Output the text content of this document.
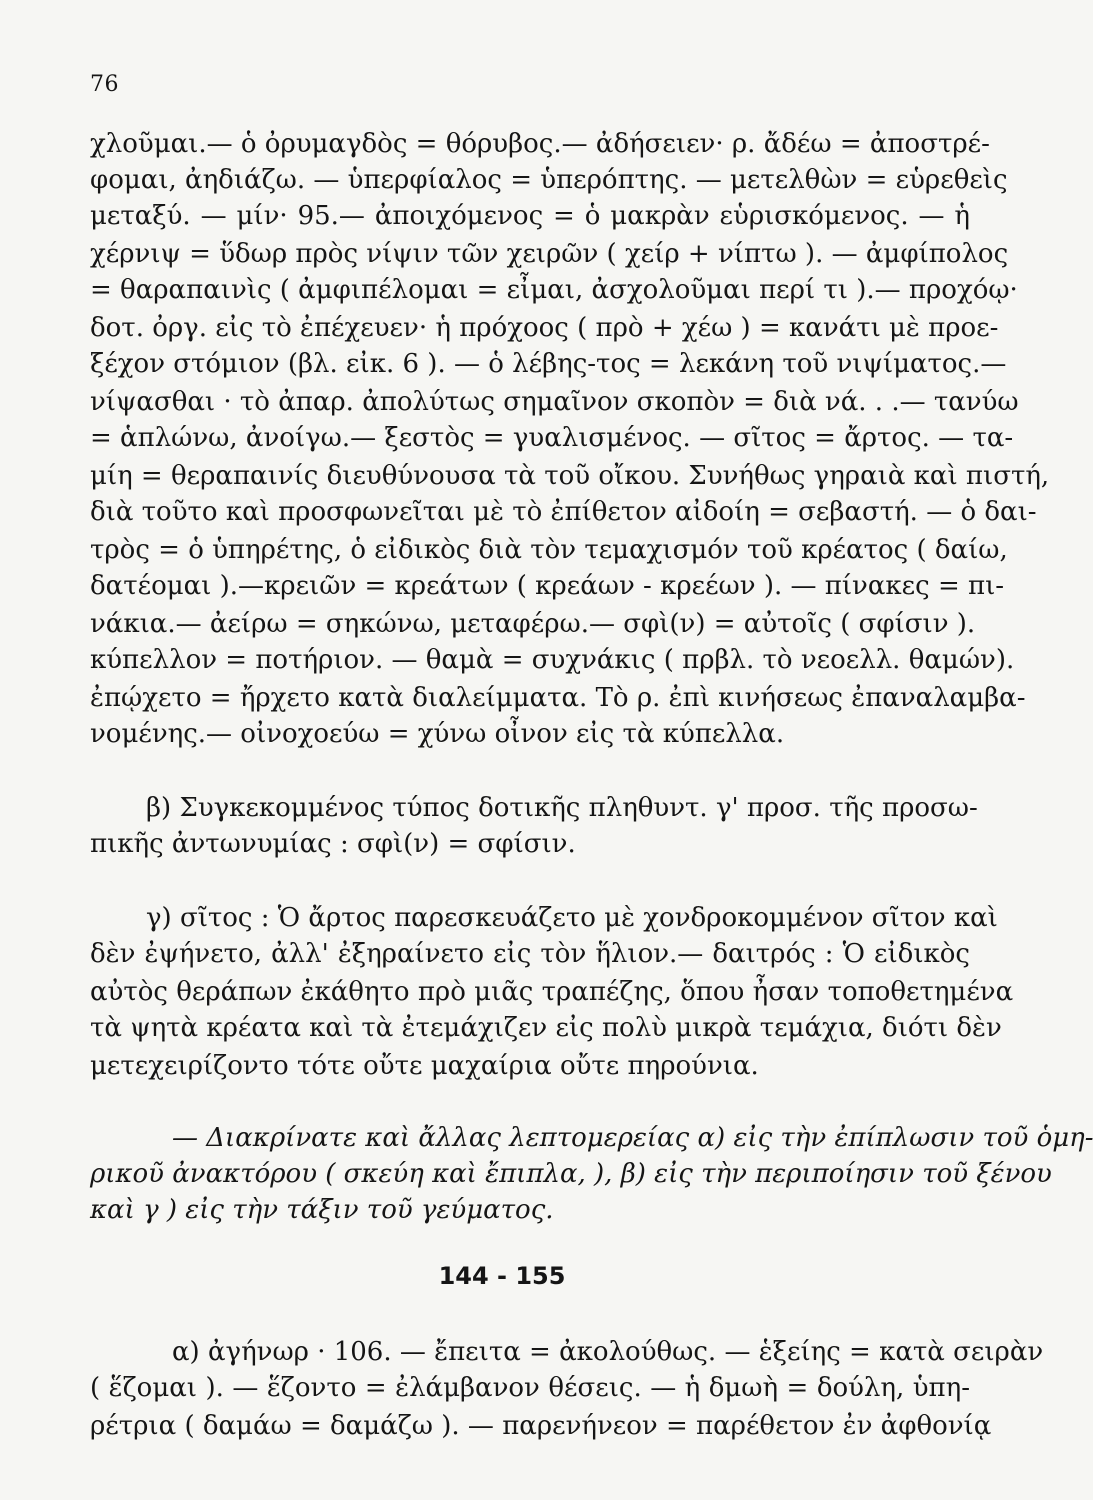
76
χλοῦμαι.— ὁ ὀρυμαγδὸς = θόρυβος.— ἀδήσειεν· ρ. ἄδέω = ἀποστρέ-
φομαι, ἀηδιάζω. — ὑπερφίαλος = ὑπερόπτης. — μετελθὼν = εὑρεθεὶς
μεταξύ. — μίν· 95.— ἀποιχόμενος = ὁ μακρὰν εὑρισκόμενος. — ἡ
χέρνιψ = ὕδωρ πρὸς νίψιν τῶν χειρῶν ( χείρ + νίπτω ). — ἀμφίπολος
= θαραπαινὶς ( ἀμφιπέλομαι = εἶμαι, ἀσχολοῦμαι περί τι ).— προχόῳ·
δοτ. ὀργ. εἰς τὸ ἐπέχευεν· ἡ πρόχοος ( πρὸ + χέω ) = κανάτι μὲ προε-
ξέχον στόμιον (βλ. εἰκ. 6 ). — ὁ λέβης-τος = λεκάνη τοῦ νιψίματος.—
νίψασθαι · τὸ ἀπαρ. ἀπολύτως σημαῖνον σκοπὸν = διὰ νά. . .— τανύω
= ἁπλώνω, ἀνοίγω.— ξεστὸς = γυαλισμένος. — σῖτος = ἄρτος. — τα-
μίη = θεραπαινίς διευθύνουσα τὰ τοῦ οἴκου. Συνήθως γηραιὰ καὶ πιστή,
διὰ τοῦτο καὶ προσφωνεῖται μὲ τὸ ἐπίθετον αἰδοίη = σεβαστή. — ὁ δαι-
τρὸς = ὁ ὑπηρέτης, ὁ εἰδικὸς διὰ τὸν τεμαχισμόν τοῦ κρέατος ( δαίω,
δατέομαι ).—κρειῶν = κρεάτων ( κρεάων - κρεέων ). — πίνακες = πι-
νάκια.— ἀείρω = σηκώνω, μεταφέρω.— σφὶ(ν) = αὐτοῖς ( σφίσιν ).
κύπελλον = ποτήριον. — θαμὰ = συχνάκις ( πρβλ. τὸ νεοελλ. θαμών).
ἐπῴχετο = ἤρχετο κατὰ διαλείμματα. Τὸ ρ. ἐπὶ κινήσεως ἐπαναλαμβα-
νομένης.— οἰνοχοεύω = χύνω οἶνον εἰς τὰ κύπελλα.
β) Συγκεκομμένος τύπος δοτικῆς πληθυντ. γ' προσ. τῆς προσω-
πικῆς ἀντωνυμίας : σφὶ(ν) = σφίσιν.
γ) σῖτος : Ὁ ἄρτος παρεσκευάζετο μὲ χονδροκομμένον σῖτον καὶ
δὲν ἐψήνετο, ἀλλ' ἐξηραίνετο εἰς τὸν ἥλιον.— δαιτρός : Ὁ εἰδικὸς
αὐτὸς θεράπων ἐκάθητο πρὸ μιᾶς τραπέζης, ὅπου ἦσαν τοποθετημένα
τὰ ψητὰ κρέατα καὶ τὰ ἐτεμάχιζεν εἰς πολὺ μικρὰ τεμάχια, διότι δὲν
μετεχειρίζοντο τότε οὔτε μαχαίρια οὔτε πηρούνια.
— Διακρίνατε καὶ ἄλλας λεπτομερείας α) εἰς τὴν ἐπίπλωσιν τοῦ ὁμη-
ρικοῦ ἀνακτόρου ( σκεύη καὶ ἔπιπλα, ), β) εἰς τὴν περιποίησιν τοῦ ξένου
καὶ γ ) εἰς τὴν τάξιν τοῦ γεύματος.
144 - 155
α) ἀγήνωρ · 106. — ἔπειτα = ἀκολούθως. — ἑξείης = κατὰ σειρὰν
( ἕζομαι ). — ἕζοντο = ἐλάμβανον θέσεις. — ἡ δμωὴ = δούλη, ὑπη-
ρέτρια ( δαμάω = δαμάζω ). — παρενήνεον = παρέθετον ἐν ἀφθονίᾳ
